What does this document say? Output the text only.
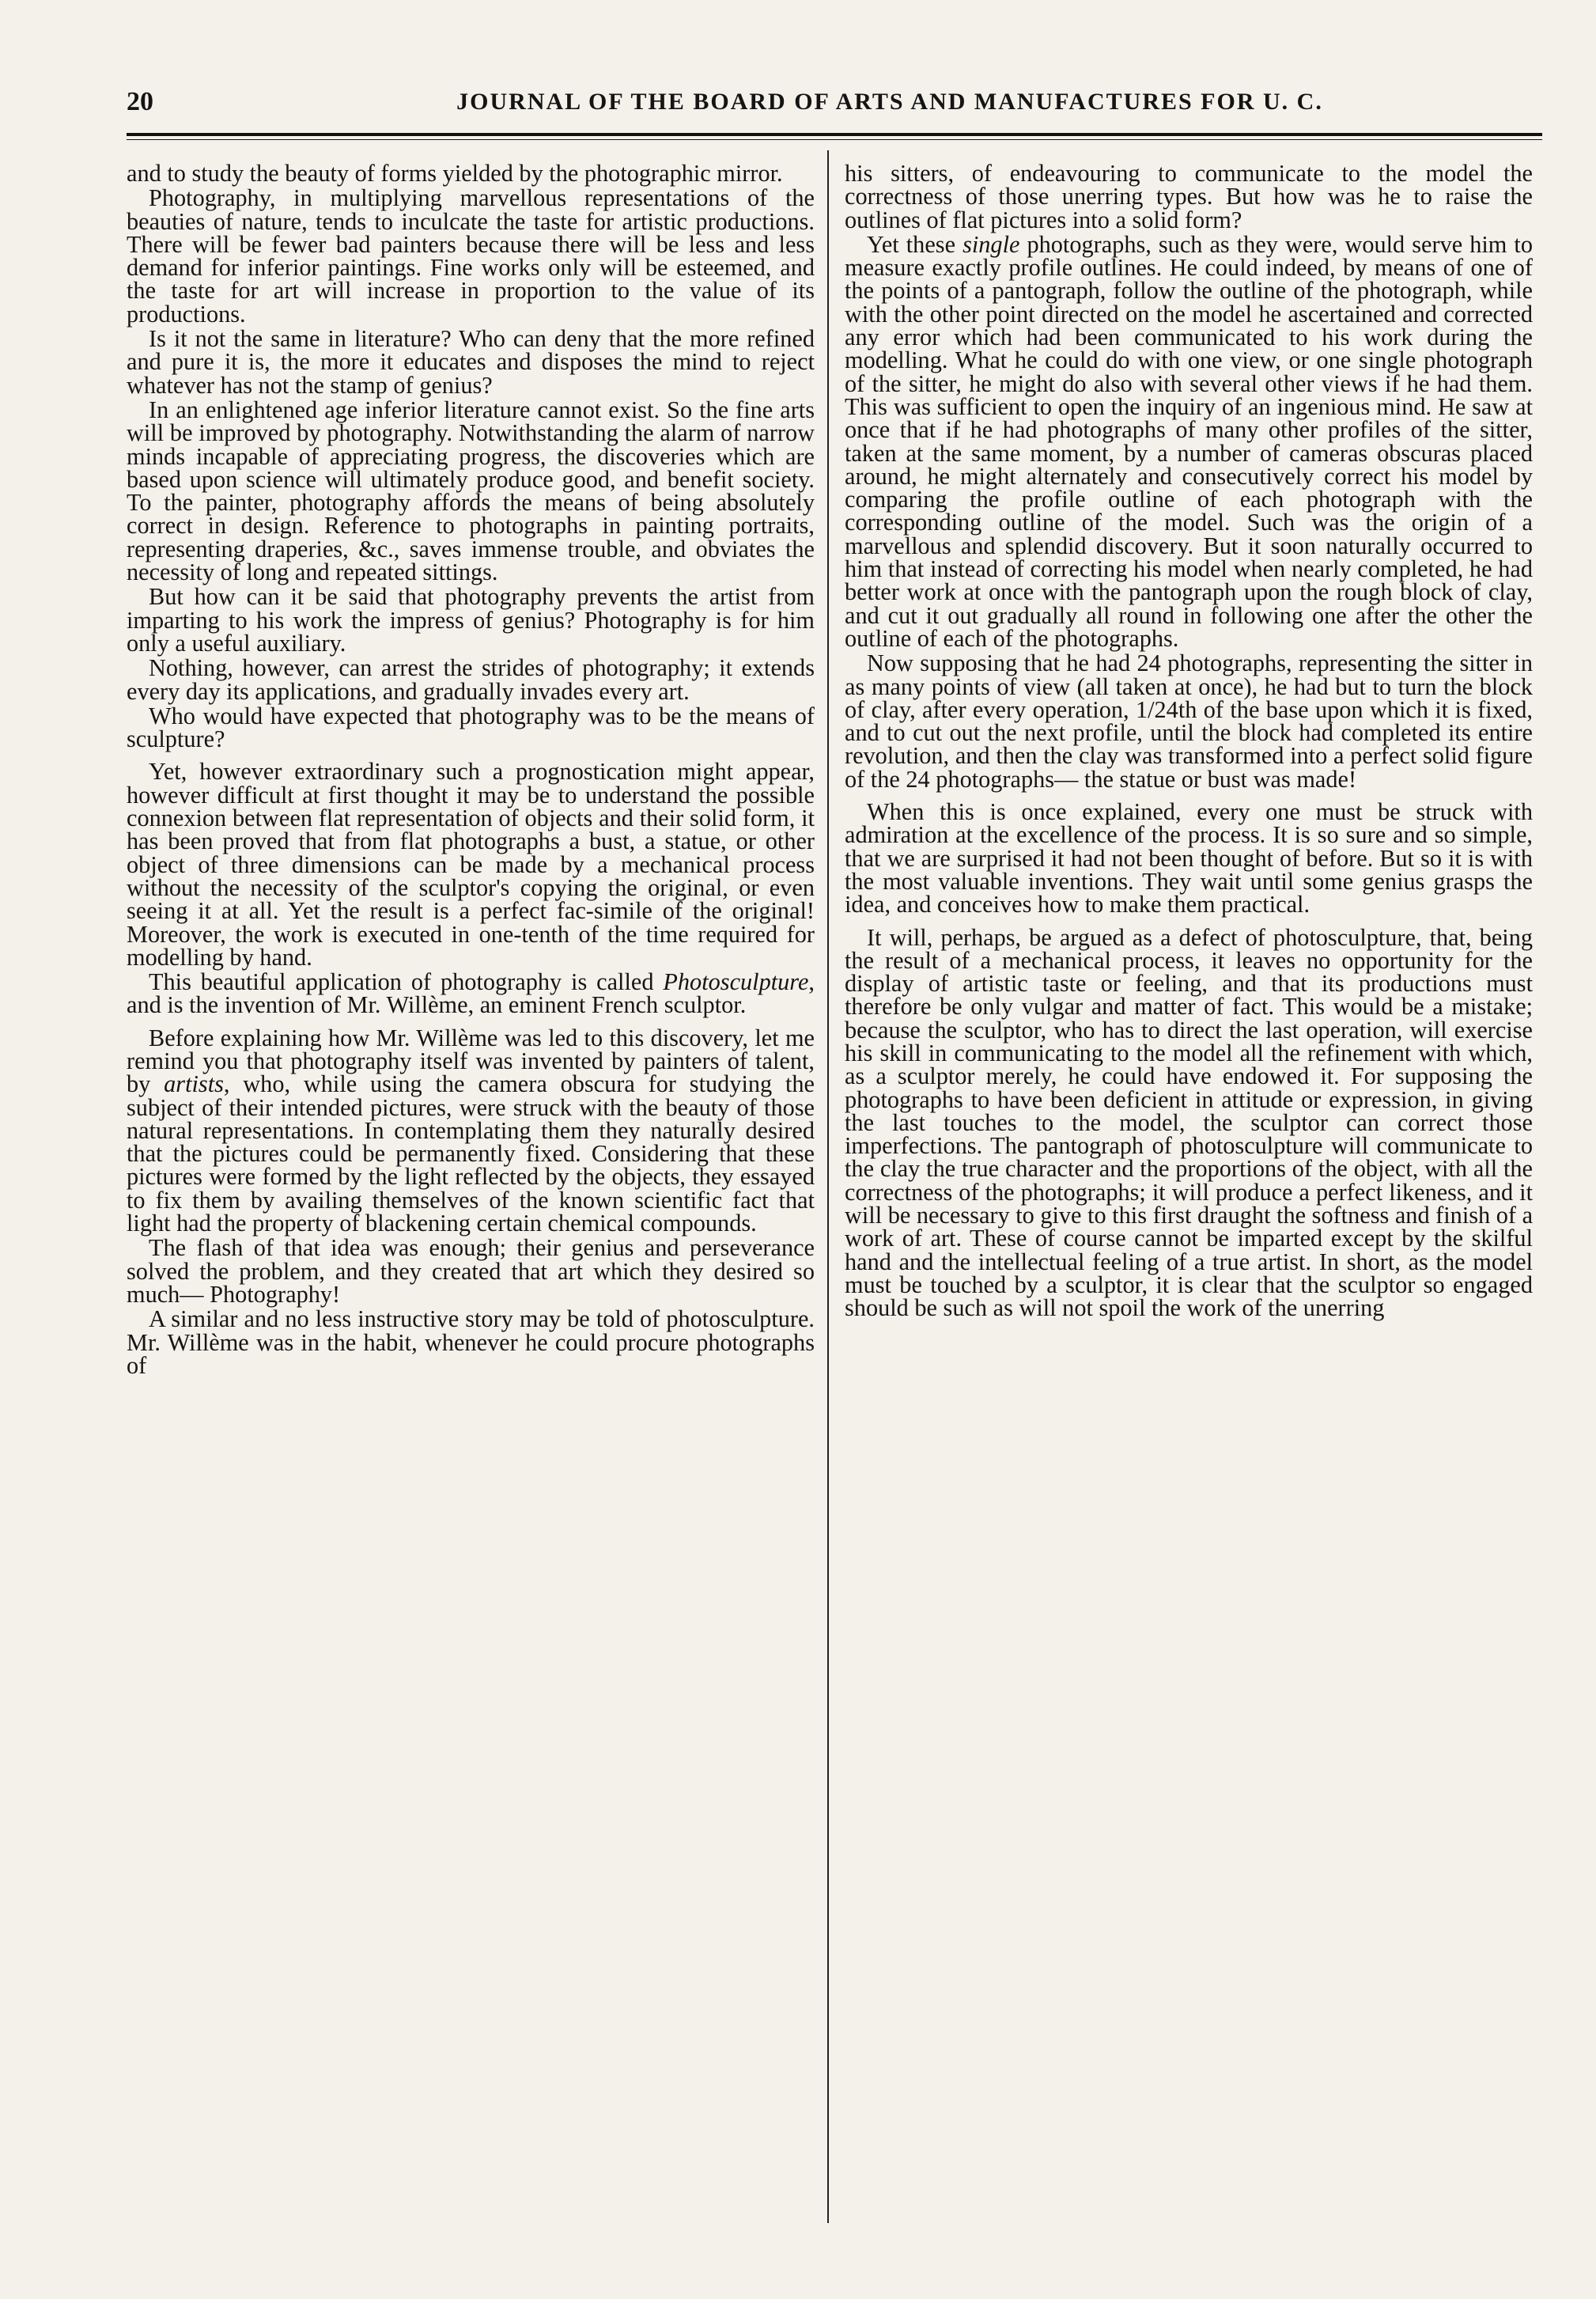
20	JOURNAL OF THE BOARD OF ARTS AND MANUFACTURES FOR U. C.

and to study the beauty of forms yielded by the photographic mirror.

Photography, in multiplying marvellous representations of the beauties of nature, tends to inculcate the taste for artistic productions. There will be fewer bad painters because there will be less and less demand for inferior paintings. Fine works only will be esteemed, and the taste for art will increase in proportion to the value of its productions.

Is it not the same in literature? Who can deny that the more refined and pure it is, the more it educates and disposes the mind to reject whatever has not the stamp of genius?

In an enlightened age inferior literature cannot exist. So the fine arts will be improved by photography. Notwithstanding the alarm of narrow minds incapable of appreciating progress, the discoveries which are based upon science will ultimately produce good, and benefit society. To the painter, photography affords the means of being absolutely correct in design. Reference to photographs in painting portraits, representing draperies, &c., saves immense trouble, and obviates the necessity of long and repeated sittings.

But how can it be said that photography prevents the artist from imparting to his work the impress of genius? Photography is for him only a useful auxiliary.

Nothing, however, can arrest the strides of photography; it extends every day its applications, and gradually invades every art.

Who would have expected that photography was to be the means of sculpture?

Yet, however extraordinary such a prognostication might appear, however difficult at first thought it may be to understand the possible connexion between flat representation of objects and their solid form, it has been proved that from flat photographs a bust, a statue, or other object of three dimensions can be made by a mechanical process without the necessity of the sculptor's copying the original, or even seeing it at all. Yet the result is a perfect fac-simile of the original! Moreover, the work is executed in one-tenth of the time required for modelling by hand.

This beautiful application of photography is called Photosculpture, and is the invention of Mr. Willème, an eminent French sculptor.

Before explaining how Mr. Willème was led to this discovery, let me remind you that photography itself was invented by painters of talent, by artists, who, while using the camera obscura for studying the subject of their intended pictures, were struck with the beauty of those natural representations. In contemplating them they naturally desired that the pictures could be permanently fixed. Considering that these pictures were formed by the light reflected by the objects, they essayed to fix them by availing themselves of the known scientific fact that light had the property of blackening certain chemical compounds.

The flash of that idea was enough; their genius and perseverance solved the problem, and they created that art which they desired so much— Photography!

A similar and no less instructive story may be told of photosculpture. Mr. Willème was in the habit, whenever he could procure photographs of

his sitters, of endeavouring to communicate to the model the correctness of those unerring types. But how was he to raise the outlines of flat pictures into a solid form?

Yet these single photographs, such as they were, would serve him to measure exactly profile outlines. He could indeed, by means of one of the points of a pantograph, follow the outline of the photograph, while with the other point directed on the model he ascertained and corrected any error which had been communicated to his work during the modelling. What he could do with one view, or one single photograph of the sitter, he might do also with several other views if he had them. This was sufficient to open the inquiry of an ingenious mind. He saw at once that if he had photographs of many other profiles of the sitter, taken at the same moment, by a number of cameras obscuras placed around, he might alternately and consecutively correct his model by comparing the profile outline of each photograph with the corresponding outline of the model. Such was the origin of a marvellous and splendid discovery. But it soon naturally occurred to him that instead of correcting his model when nearly completed, he had better work at once with the pantograph upon the rough block of clay, and cut it out gradually all round in following one after the other the outline of each of the photographs.

Now supposing that he had 24 photographs, representing the sitter in as many points of view (all taken at once), he had but to turn the block of clay, after every operation, 1/24th of the base upon which it is fixed, and to cut out the next profile, until the block had completed its entire revolution, and then the clay was transformed into a perfect solid figure of the 24 photographs— the statue or bust was made!

When this is once explained, every one must be struck with admiration at the excellence of the process. It is so sure and so simple, that we are surprised it had not been thought of before. But so it is with the most valuable inventions. They wait until some genius grasps the idea, and conceives how to make them practical.

It will, perhaps, be argued as a defect of photosculpture, that, being the result of a mechanical process, it leaves no opportunity for the display of artistic taste or feeling, and that its productions must therefore be only vulgar and matter of fact. This would be a mistake; because the sculptor, who has to direct the last operation, will exercise his skill in communicating to the model all the refinement with which, as a sculptor merely, he could have endowed it. For supposing the photographs to have been deficient in attitude or expression, in giving the last touches to the model, the sculptor can correct those imperfections. The pantograph of photosculpture will communicate to the clay the true character and the proportions of the object, with all the correctness of the photographs; it will produce a perfect likeness, and it will be necessary to give to this first draught the softness and finish of a work of art. These of course cannot be imparted except by the skilful hand and the intellectual feeling of a true artist. In short, as the model must be touched by a sculptor, it is clear that the sculptor so engaged should be such as will not spoil the work of the unerring
